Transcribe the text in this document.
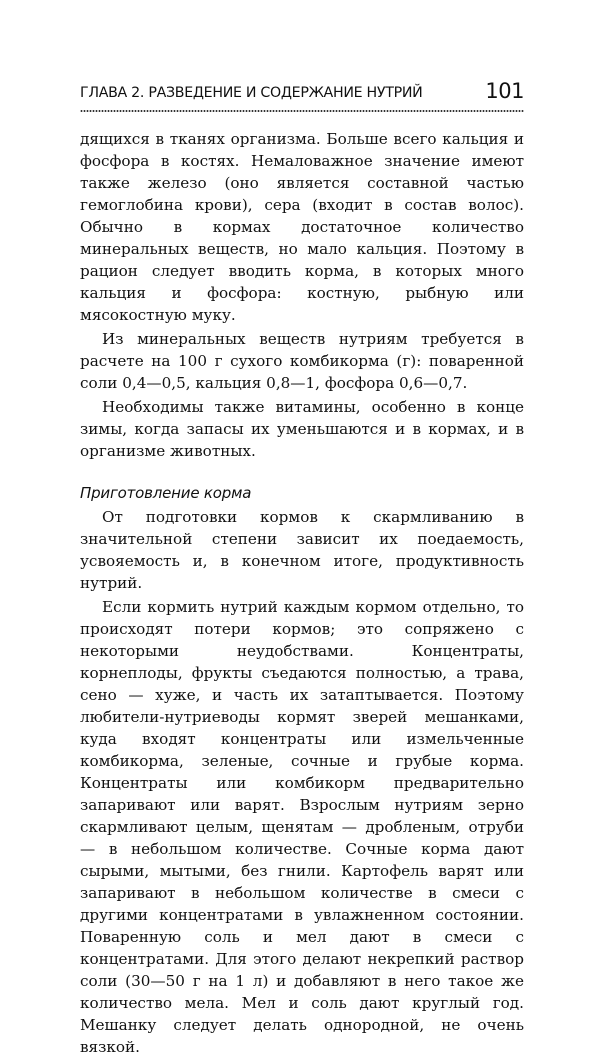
ГЛАВА 2. РАЗВЕДЕНИЕ И СОДЕРЖАНИЕ НУТРИЙ	101

дящихся в тканях организма. Больше всего кальция и фосфора в костях. Немаловажное значение имеют также железо (оно является составной частью гемоглобина крови), сера (входит в состав волос). Обычно в кормах достаточное количество минеральных веществ, но мало кальция. Поэтому в рацион следует вводить корма, в которых много кальция и фосфора: костную, рыбную или мясокостную муку.

Из минеральных веществ нутриям требуется в расчете на 100 г сухого комбикорма (г): поваренной соли 0,4—0,5, кальция 0,8—1, фосфора 0,6—0,7.

Необходимы также витамины, особенно в конце зимы, когда запасы их уменьшаются и в кормах, и в организме животных.

Приготовление корма

От подготовки кормов к скармливанию в значительной степени зависит их поедаемость, усвояемость и, в конечном итоге, продуктивность нутрий.

Если кормить нутрий каждым кормом отдельно, то происходят потери кормов; это сопряжено с некоторыми неудобствами. Концентраты, корнеплоды, фрукты съедаются полностью, а трава, сено — хуже, и часть их затаптывается. Поэтому любители-нутриеводы кормят зверей мешанками, куда входят концентраты или измельченные комбикорма, зеленые, сочные и грубые корма. Концентраты или комбикорм предварительно запаривают или варят. Взрослым нутриям зерно скармливают целым, щенятам — дробленым, отруби — в небольшом количестве. Сочные корма дают сырыми, мытыми, без гнили. Картофель варят или запаривают в небольшом количестве в смеси с другими концентратами в увлажненном состоянии. Поваренную соль и мел дают в смеси с концентратами. Для этого делают некрепкий раствор соли (30—50 г на 1 л) и добавляют в него такое же количество мела. Мел и соль дают круглый год. Мешанку следует делать однородной, не очень вязкой.
